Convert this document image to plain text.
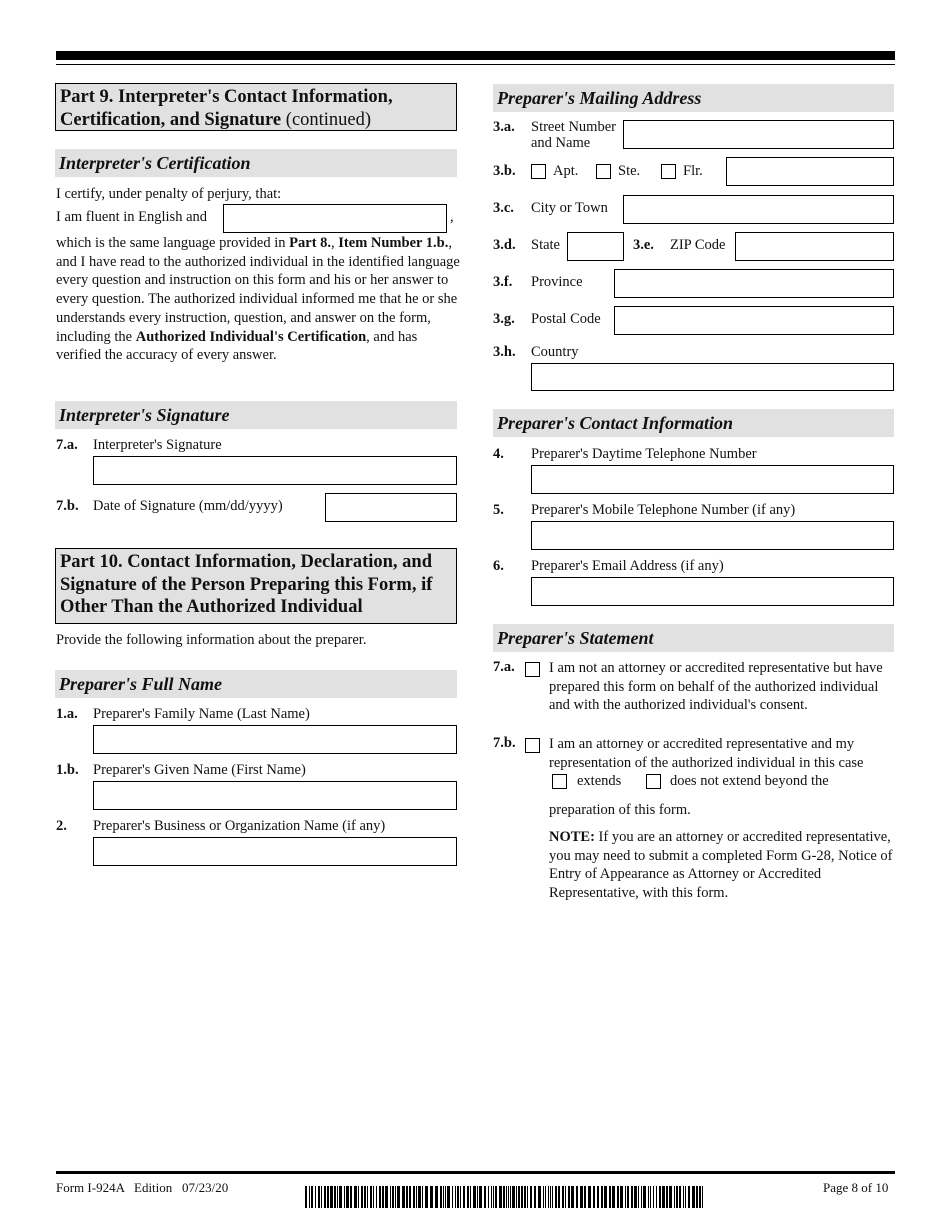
Part 9. Interpreter's Contact Information, Certification, and Signature (continued)
Interpreter's Certification
I certify, under penalty of perjury, that:
I am fluent in English and	,
which is the same language provided in Part 8., Item Number 1.b., and I have read to the authorized individual in the identified language every question and instruction on this form and his or her answer to every question. The authorized individual informed me that he or she understands every instruction, question, and answer on the form, including the Authorized Individual's Certification, and has verified the accuracy of every answer.
Interpreter's Signature
7.a. Interpreter's Signature
7.b. Date of Signature (mm/dd/yyyy)
Part 10. Contact Information, Declaration, and Signature of the Person Preparing this Form, if Other Than the Authorized Individual
Provide the following information about the preparer.
Preparer's Full Name
1.a. Preparer's Family Name (Last Name)
1.b. Preparer's Given Name (First Name)
2. Preparer's Business or Organization Name (if any)
Preparer's Mailing Address
3.a. Street Number
and Name
3.b.	Apt.	Ste.	Flr.
3.c. City or Town
3.d. State	3.e. ZIP Code
3.f. Province
3.g. Postal Code
3.h. Country
Preparer's Contact Information
4. Preparer's Daytime Telephone Number
5. Preparer's Mobile Telephone Number (if any)
6. Preparer's Email Address (if any)
Preparer's Statement
7.a. I am not an attorney or accredited representative but have prepared this form on behalf of the authorized individual and with the authorized individual's consent.
7.b. I am an attorney or accredited representative and my representation of the authorized individual in this case
extends	does not extend beyond the
preparation of this form.
NOTE: If you are an attorney or accredited representative, you may need to submit a completed Form G-28, Notice of Entry of Appearance as Attorney or Accredited Representative, with this form.
Form I-924A   Edition   07/23/20	Page 8 of 10
